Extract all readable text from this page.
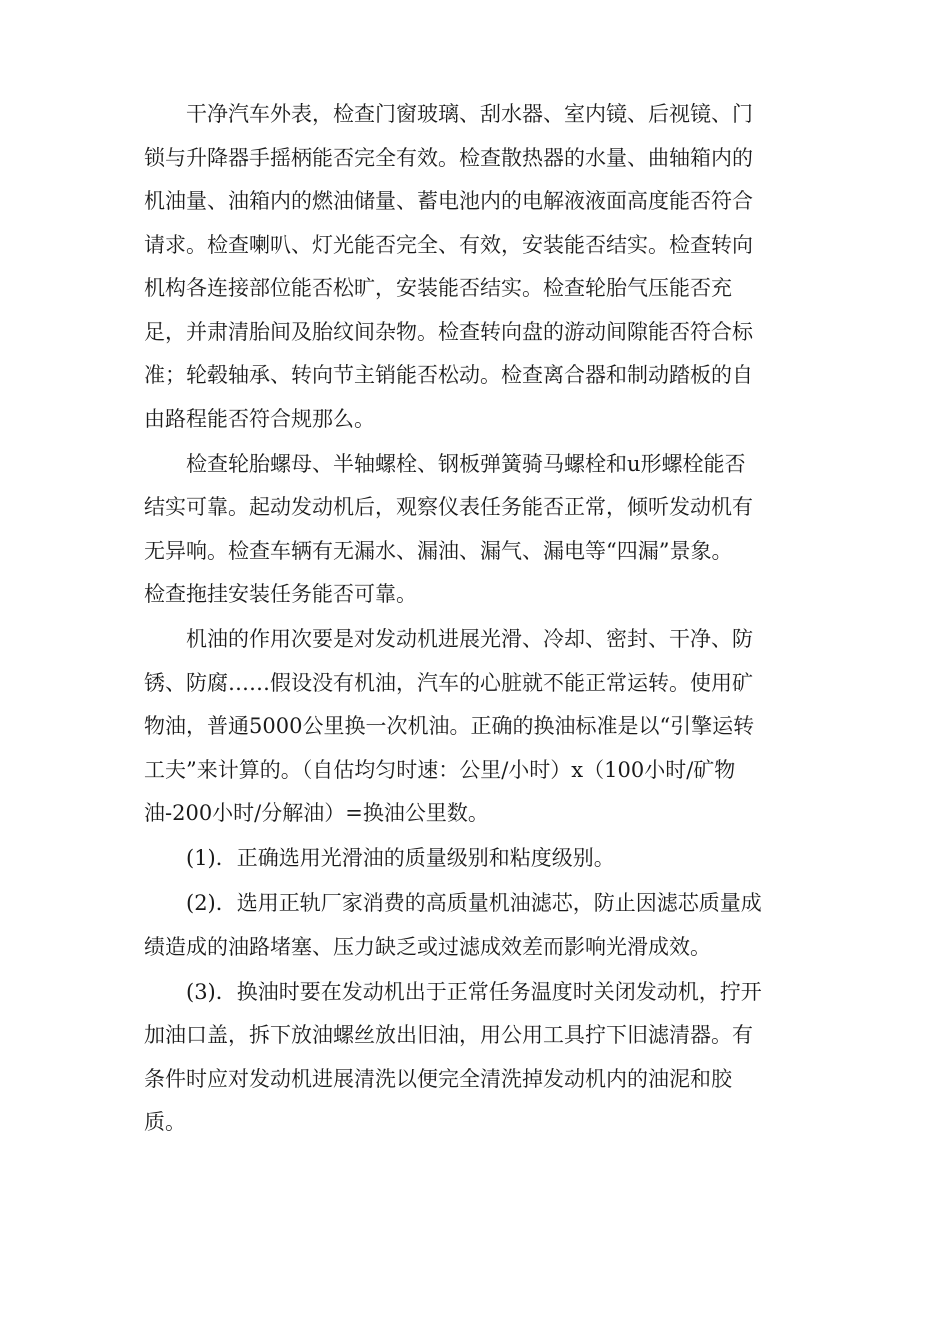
干净汽车外表，检查门窗玻璃、刮水器、室内镜、后视镜、门
锁与升降器手摇柄能否完全有效。检查散热器的水量、曲轴箱内的
机油量、油箱内的燃油储量、蓄电池内的电解液液面高度能否符合
请求。检查喇叭、灯光能否完全、有效，安装能否结实。检查转向
机构各连接部位能否松旷，安装能否结实。检查轮胎气压能否充
足，并肃清胎间及胎纹间杂物。检查转向盘的游动间隙能否符合标
准；轮毂轴承、转向节主销能否松动。检查离合器和制动踏板的自
由路程能否符合规那么。
检查轮胎螺母、半轴螺栓、钢板弹簧骑马螺栓和u形螺栓能否
结实可靠。起动发动机后，观察仪表任务能否正常，倾听发动机有
无异响。检查车辆有无漏水、漏油、漏气、漏电等“四漏”景象。
检查拖挂安装任务能否可靠。
机油的作用次要是对发动机进展光滑、冷却、密封、干净、防
锈、防腐……假设没有机油，汽车的心脏就不能正常运转。使用矿
物油，普通5000公里换一次机油。正确的换油标准是以“引擎运转
工夫”来计算的。（自估均匀时速：公里/小时）x（100小时/矿物
油-200小时/分解油）=换油公里数。
(1)．正确选用光滑油的质量级别和粘度级别。
(2)．选用正轨厂家消费的高质量机油滤芯，防止因滤芯质量成
绩造成的油路堵塞、压力缺乏或过滤成效差而影响光滑成效。
(3)．换油时要在发动机出于正常任务温度时关闭发动机，拧开
加油口盖，拆下放油螺丝放出旧油，用公用工具拧下旧滤清器。有
条件时应对发动机进展清洗以便完全清洗掉发动机内的油泥和胶
质。
